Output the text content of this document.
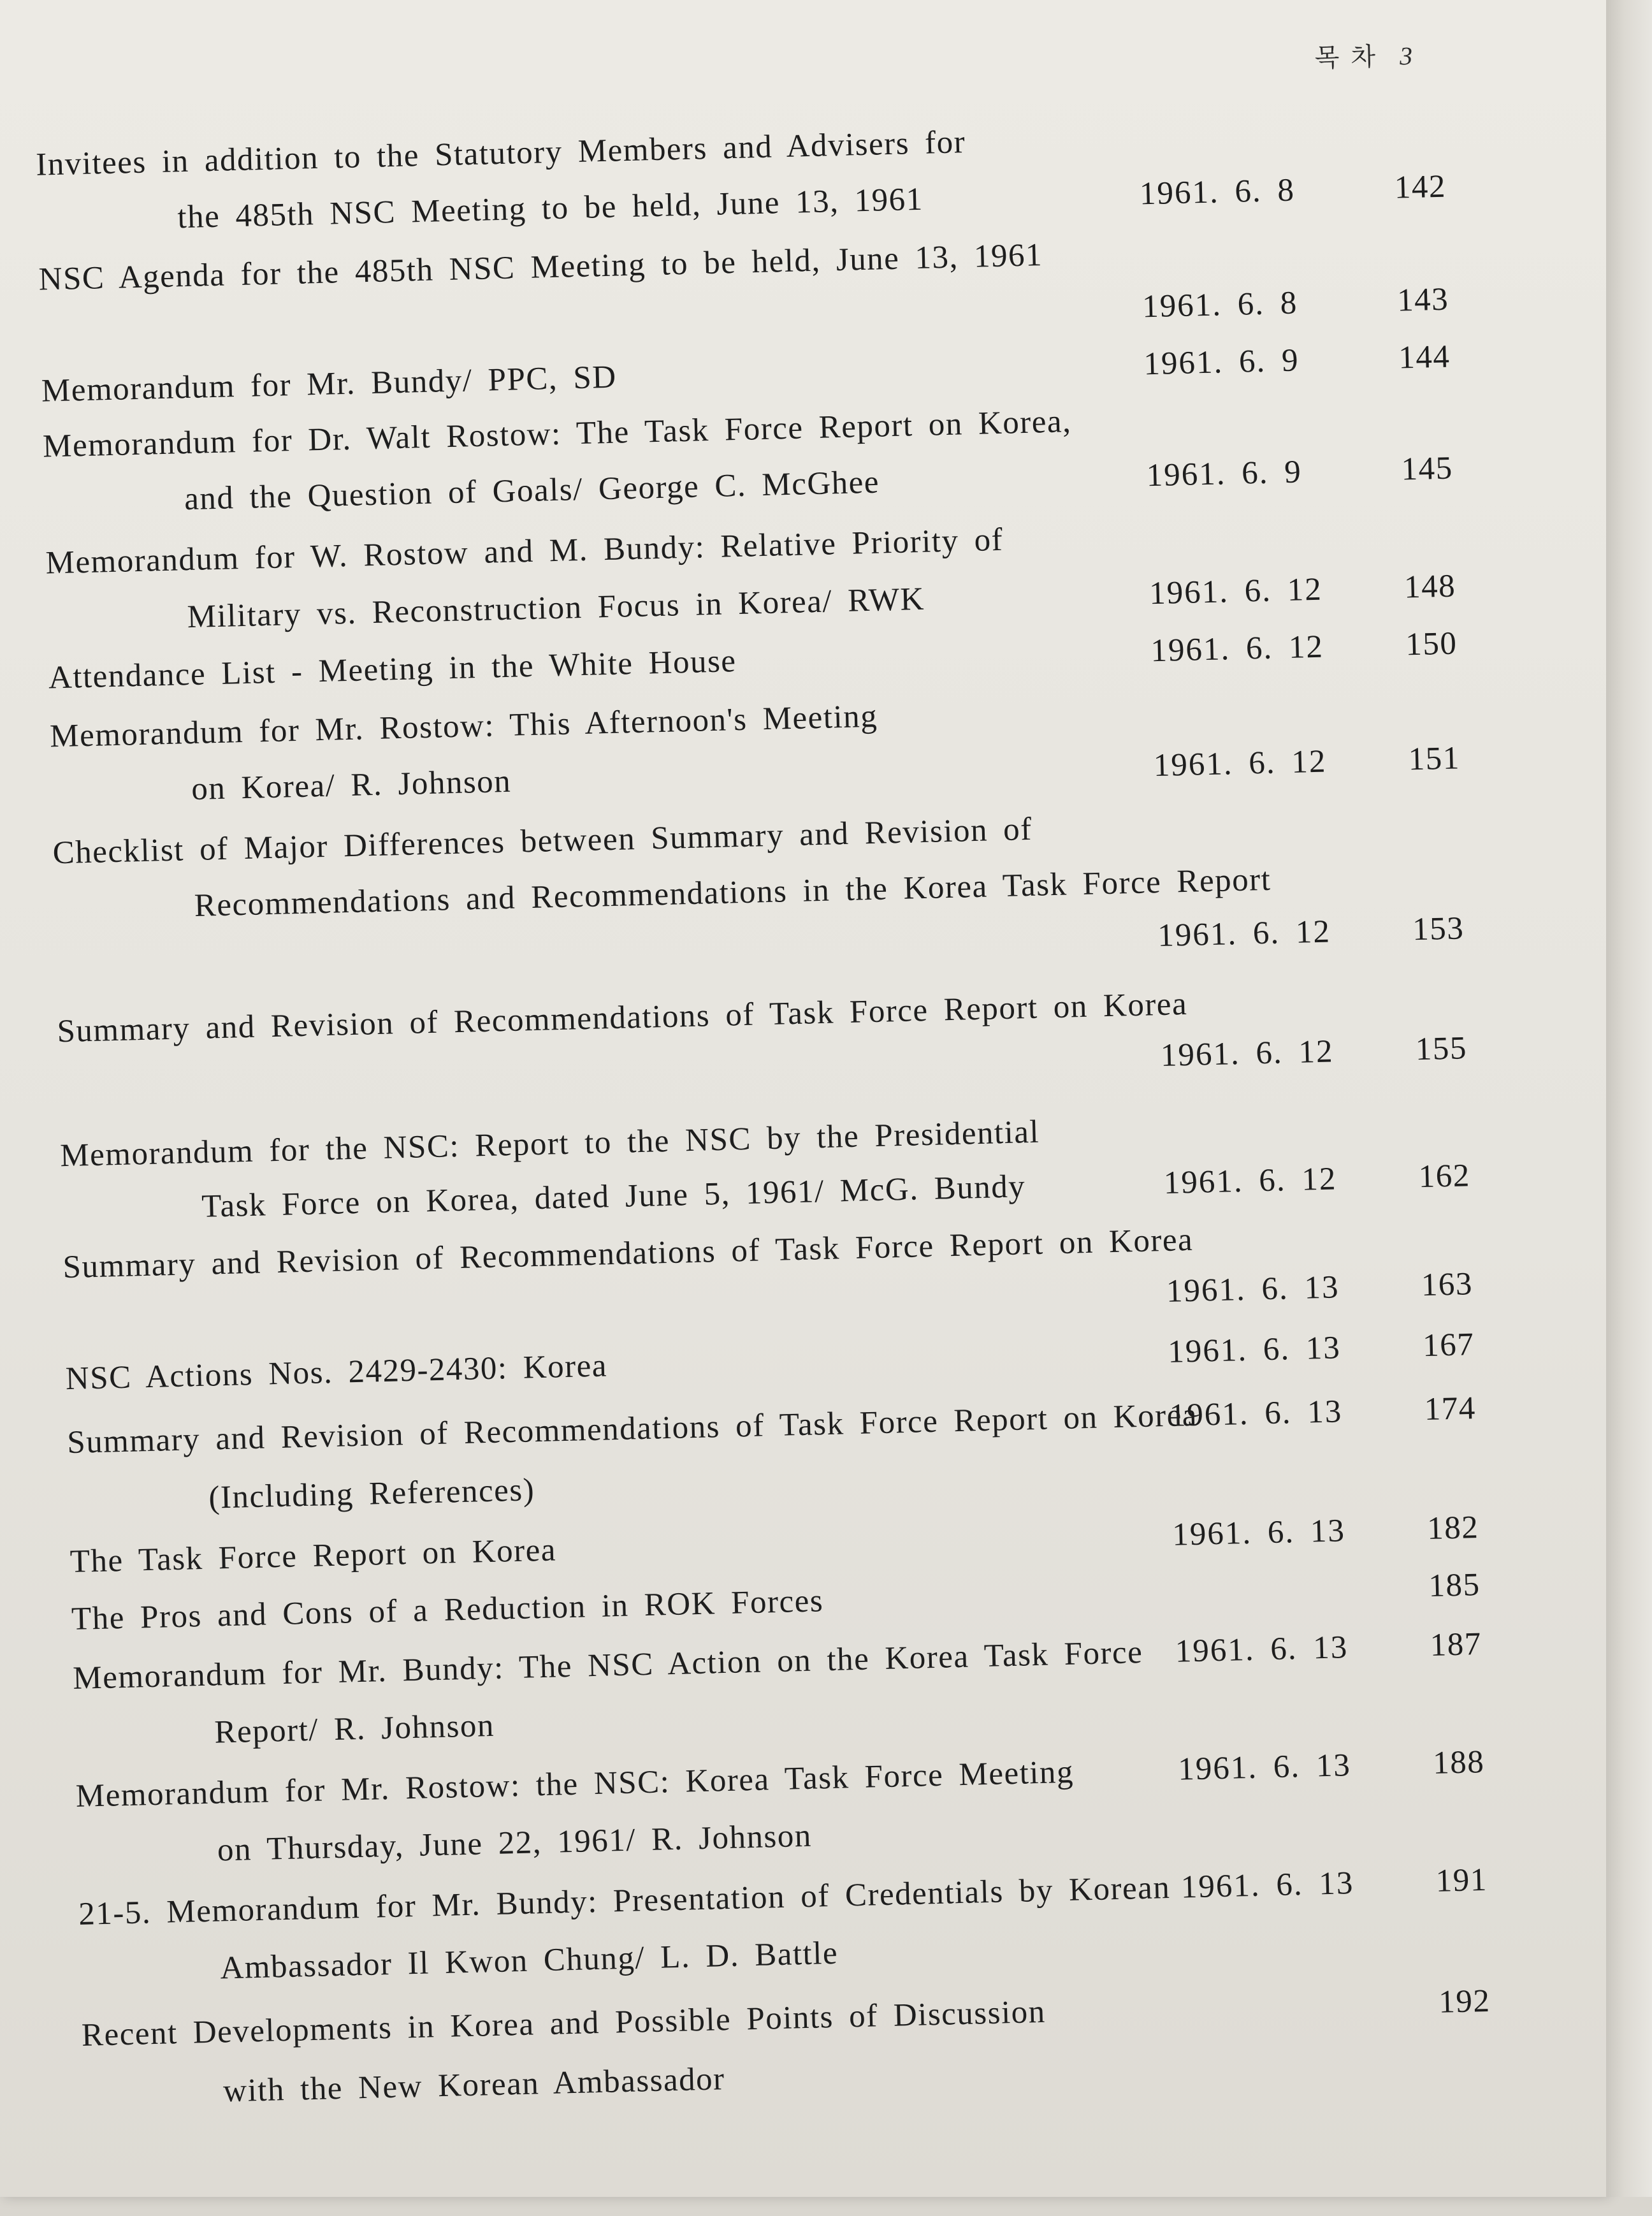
목 차 3
Invitees in addition to the Statutory Members and Advisers for
the 485th NSC Meeting to be held, June 13, 1961	1961. 6. 8	142
NSC Agenda for the 485th NSC Meeting to be held, June 13, 1961
1961. 6. 8	143
Memorandum for Mr. Bundy/ PPC, SD	1961. 6. 9	144
Memorandum for Dr. Walt Rostow: The Task Force Report on Korea,
and the Question of Goals/ George C. McGhee	1961. 6. 9	145
Memorandum for W. Rostow and M. Bundy: Relative Priority of
Military vs. Reconstruction Focus in Korea/ RWK	1961. 6. 12 148
Attendance List - Meeting in the White House	1961. 6. 12 150
Memorandum for Mr. Rostow: This Afternoon's Meeting
on Korea/ R. Johnson	1961. 6. 12 151
Checklist of Major Differences between Summary and Revision of
Recommendations and Recommendations in the Korea Task Force Report
1961. 6. 12 153
Summary and Revision of Recommendations of Task Force Report on Korea
1961. 6. 12 155
Memorandum for the NSC: Report to the NSC by the Presidential
Task Force on Korea, dated June 5, 1961/ McG. Bundy	1961. 6. 12 162
Summary and Revision of Recommendations of Task Force Report on Korea
1961. 6. 13 163
NSC Actions Nos. 2429-2430: Korea	1961. 6. 13 167
Summary and Revision of Recommendations of Task Force Report on Korea
1961. 6. 13 174
(Including References)
The Task Force Report on Korea	1961. 6. 13 182
The Pros and Cons of a Reduction in ROK Forces	185
Memorandum for Mr. Bundy: The NSC Action on the Korea Task Force 1961. 6. 13 187
Report/ R. Johnson
Memorandum for Mr. Rostow: the NSC: Korea Task Force Meeting	1961. 6. 13 188
on Thursday, June 22, 1961/ R. Johnson
21-5. Memorandum for Mr. Bundy: Presentation of Credentials by Korean 1961. 6. 13 191
Ambassador Il Kwon Chung/ L. D. Battle
Recent Developments in Korea and Possible Points of Discussion	192
with the New Korean Ambassador
